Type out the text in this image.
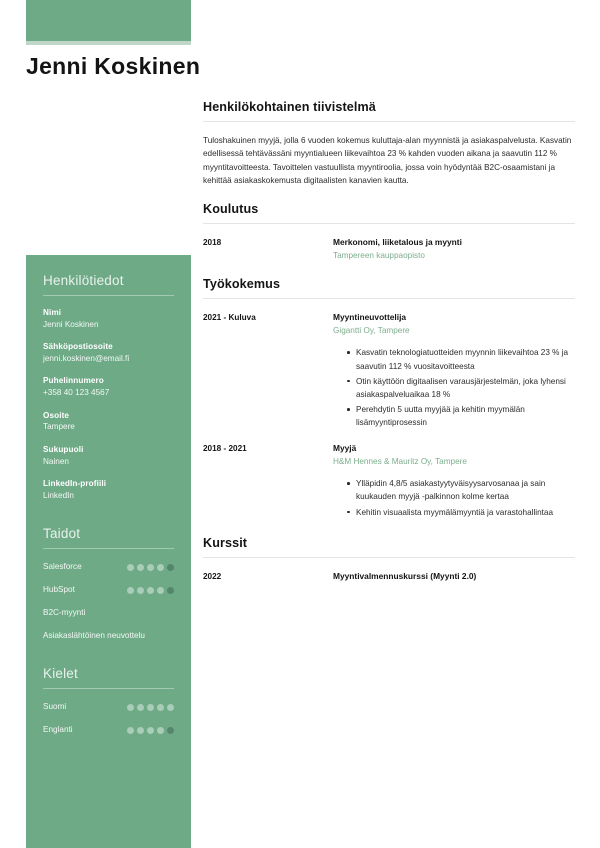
Jenni Koskinen
Henkilötiedot
Nimi
Jenni Koskinen
Sähköpostiosoite
jenni.koskinen@email.fi
Puhelinnumero
+358 40 123 4567
Osoite
Tampere
Sukupuoli
Nainen
LinkedIn-profiili
LinkedIn
Taidot
Salesforce
HubSpot
B2C-myynti
Asiakaslähtöinen neuvottelu
Kielet
Suomi
Englanti
Henkilökohtainen tiivistelmä
Tuloshakuinen myyjä, jolla 6 vuoden kokemus kuluttaja-alan myynnistä ja asiakaspalvelusta. Kasvatin edellisessä tehtävässäni myyntialueen liikevaihtoa 23 % kahden vuoden aikana ja saavutin 112 % myyntitavoitteesta. Tavoittelen vastuullista myyntiroolia, jossa voin hyödyntää B2C-osaamistani ja kehittää asiakaskokemusta digitaalisten kanavien kautta.
Koulutus
2018	Merkonomi, liiketalous ja myynti
Tampereen kauppaopisto
Työkokemus
2021 - Kuluva	Myyntineuvottelija
Gigantti Oy, Tampere
Kasvatin teknologiatuotteiden myynnin liikevaihtoa 23 % ja saavutin 112 % vuositavoitteesta
Otin käyttöön digitaalisen varausjärjestelmän, joka lyhensi asiakaspalveluaikaa 18 %
Perehdytin 5 uutta myyjää ja kehitin myymälän lisämyyntiprosessin
2018 - 2021	Myyjä
H&M Hennes & Mauritz Oy, Tampere
Ylläpidin 4,8/5 asiakastyytyväisyysarvosanaa ja sain kuukauden myyjä -palkinnon kolme kertaa
Kehitin visuaalista myymälämyyntiä ja varastohallintaa
Kurssit
2022	Myyntivalmennuskurssi (Myynti 2.0)
